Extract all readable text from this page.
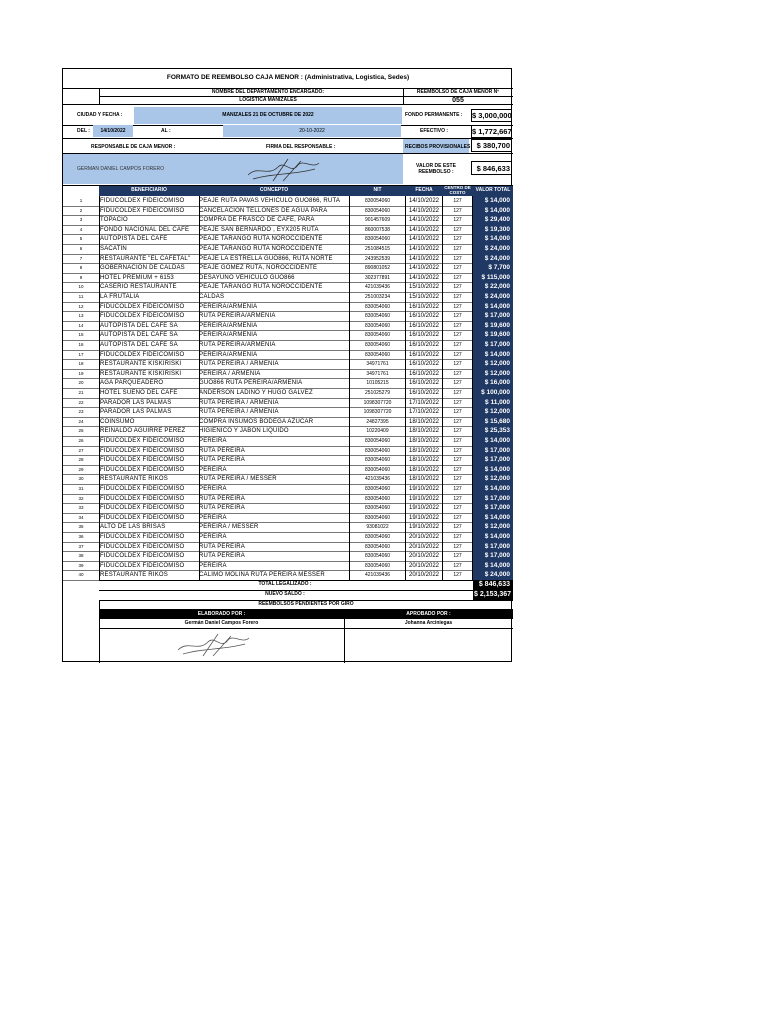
FORMATO DE REEMBOLSO CAJA MENOR : (Administrativa, Logistica, Sedes)
NOMBRE DEL DEPARTAMENTO ENCARGADO:	REEMBOLSO DE CAJA MENOR Nº
LOGISTICA MANIZALES	055
CIUDAD Y FECHA :	MANIZALES 21 DE OCTUBRE DE 2022	FONDO PERMANENTE : $ 3,000,000
DEL :	14/10/2022	AL :	20-10-2022	EFECTIVO :	$ 1,772,667
RESPONSABLE DE CAJA MENOR :	FIRMA DEL RESPONSABLE :	RECIBOS PROVISIONALES $ 380,700
GERMAN DANIEL CAMPOS FORERO	VALOR DE ESTE REEMBOLSO :	$ 846,633
BENEFICIARIO	CONCEPTO	NIT	FECHA	CENTRO DE COSTO	VALOR TOTAL
1	FIDUCOLDEX FIDEICOMISO	PEAJE RUTA PAVAS VEHICULO GUO866, RUTA	830054060	14/10/2022	127	$ 14,000
2	FIDUCOLDEX FIDEICOMISO	CANCELACION TELLONES DE AGUA PARA	830054060	14/10/2022	127	$ 14,000
3	TOPACIO	COMPRA DE FRASCO DE CAFE, PARA	901457609	14/10/2022	127	$ 29,400
4	FONDO NACIONAL DEL CAFE	PEAJE SAN BERNARDO , EYX205 RUTA	860007538	14/10/2022	127	$ 19,300
5	AUTOPISTA DEL CAFE	PEAJE TARANGO RUTA NOROCCIDENTE	830054060	14/10/2022	127	$ 14,000
6	SACATIN	PEAJE TARANGO RUTA NOROCCIDENTE	251084515	14/10/2022	127	$ 24,000
7	RESTAURANTE "EL CAFETAL"	PEAJE LA ESTRELLA GUO866, RUTA NORTE	243952539	14/10/2022	127	$ 24,000
8	GOBERNACION DE CALDAS	PEAJE GOMEZ RUTA, NOROCCIDENTE	890801052	14/10/2022	127	$ 7,700
9	HOTEL PREMIUM + 6153	DESAYUNO VEHICULO GUO866	302377891	14/10/2022	127	$ 115,000
10	CASERIO RESTAURANTE	PEAJE TARANGO RUTA NOROCCIDENTE	421039436	15/10/2022	127	$ 22,000
11	LA FRUTALIA	CALDAS	251003234	15/10/2022	127	$ 24,000
12	FIDUCOLDEX FIDEICOMISO	PEREIRA/ARMENIA	830054060	16/10/2022	127	$ 14,000
13	FIDUCOLDEX FIDEICOMISO	RUTA PEREIRA/ARMENIA	830054060	16/10/2022	127	$ 17,000
14	AUTOPISTA DEL CAFE SA	PEREIRA/ARMENIA	830054060	16/10/2022	127	$ 19,600
15	AUTOPISTA DEL CAFE SA	PEREIRA/ARMENIA	830054060	16/10/2022	127	$ 19,600
16	AUTOPISTA DEL CAFE SA	RUTA PEREIRA/ARMENIA	830054060	16/10/2022	127	$ 17,000
17	FIDUCOLDEX FIDEICOMISO	PEREIRA/ARMENIA	830054060	16/10/2022	127	$ 14,000
18	RESTAURANTE KISKIRISKI	RUTA PEREIRA / ARMENIA	34971761	16/10/2022	127	$ 12,000
19	RESTAURANTE KISKIRISKI	PEREIRA / ARMENIA	34971761	16/10/2022	127	$ 12,000
20	AGA PARQUEADERO	GUO866 RUTA PEREIRA/ARMENIA	10105215	16/10/2022	127	$ 16,000
21	HOTEL SUEÑO DEL CAFE	ANDERSON LADINO Y HUGO GALVEZ	251025279	16/10/2022	127	$ 100,000
22	PARADOR LAS PALMAS	RUTA PEREIRA / ARMENIA	1098307720	17/10/2022	127	$ 11,000
23	PARADOR LAS PALMAS	RUTA PEREIRA / ARMENIA	1098307720	17/10/2022	127	$ 12,000
24	COINSUMO	COMPRA INSUMOS BODEGA AZUCAR	24827395	18/10/2022	127	$ 15,680
25	REINALDO AGUIRRE PEREZ	HIGIENICO Y JABON LIQUIDO	10220409	18/10/2022	127	$ 25,353
26	FIDUCOLDEX FIDEICOMISO	PEREIRA	830054060	18/10/2022	127	$ 14,000
27	FIDUCOLDEX FIDEICOMISO	RUTA PEREIRA	830054060	18/10/2022	127	$ 17,000
28	FIDUCOLDEX FIDEICOMISO	RUTA PEREIRA	830054060	18/10/2022	127	$ 17,000
29	FIDUCOLDEX FIDEICOMISO	PEREIRA	830054060	18/10/2022	127	$ 14,000
30	RESTAURANTE RIKOS	RUTA PEREIRA / MESSER	421039436	18/10/2022	127	$ 12,000
31	FIDUCOLDEX FIDEICOMISO	PEREIRA	830054060	19/10/2022	127	$ 14,000
32	FIDUCOLDEX FIDEICOMISO	RUTA PEREIRA	830054060	19/10/2022	127	$ 17,000
33	FIDUCOLDEX FIDEICOMISO	RUTA PEREIRA	830054060	19/10/2022	127	$ 17,000
34	FIDUCOLDEX FIDEICOMISO	PEREIRA	830054060	19/10/2022	127	$ 14,000
35	ALTO DE LAS BRISAS	PEREIRA / MESSER	93081022	19/10/2022	127	$ 12,000
36	FIDUCOLDEX FIDEICOMISO	PEREIRA	830054060	20/10/2022	127	$ 14,000
37	FIDUCOLDEX FIDEICOMISO	RUTA PEREIRA	830054060	20/10/2022	127	$ 17,000
38	FIDUCOLDEX FIDEICOMISO	RUTA PEREIRA	830054060	20/10/2022	127	$ 17,000
39	FIDUCOLDEX FIDEICOMISO	PEREIRA	830054060	20/10/2022	127	$ 14,000
40	RESTAURANTE RIKOS	CALIMO MOLINA RUTA PEREIRA MESSER	421039436	20/10/2022	127	$ 24,000
TOTAL LEGALIZADO :	$ 846,633
NUEVO SALDO :	$ 2,153,367
REEMBOLSOS PENDIENTES POR GIRO
ELABORADO POR :	APROBADO POR :
Germán Daniel Campos Forero	Johanna Arciniegas
